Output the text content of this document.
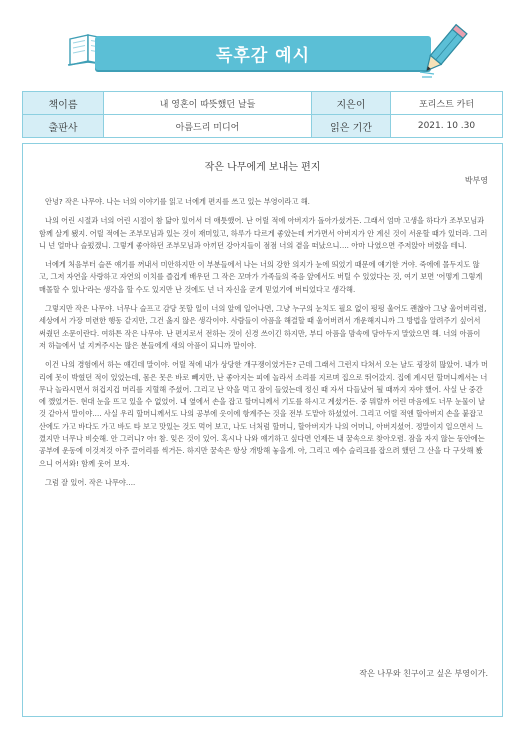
독후감 예시
책이름	내 영혼이 따뜻했던 날들	지은이	포리스트 카터
출판사	아름드리 미디어	읽은 기간	2021. 10 .30
작은 나무에게 보내는 편지
박부영

안녕? 작은 나무야. 나는 너의 이야기를 읽고 너에게 편지를 쓰고 있는 부영이라고 해.

나의 어린 시절과 너의 어린 시절이 참 닮아 있어서 더 애틋했어. 난 어릴 적에 아버지가 돌아가셨거든. 그래서 엄마 고생을 하다가 조부모님과 함께 살게 됐지. 어릴 적에는 조부모님과 있는 것이 재미있고, 하루가 다르게 좋았는데 커가면서 아버지가 안 계신 것이 서운할 때가 있더라. 그러니 넌 얼마나 슬펐겠니. 그렇게 좋아하던 조부모님과 아끼던 강아지들이 점점 너의 곁을 떠났으니…. 아마 나였으면 주저앉아 버렸을 테니.

너에게 처음부터 슬픈 얘기를 꺼내서 미안하지만 이 부분들에서 나는 너의 강한 의지가 눈에 띄었기 때문에 얘기한 거야. 죽에에 몰두지도 않고, 그저 자연을 사랑하고 자연의 이치를 즐겁게 배우던 그 작은 꼬마가 가족들의 죽음 앞에서도 버틸 수 있었다는 것, 여기 보면 '어떻게 그렇게 매몰할 수 있나'라는 생각을 할 수도 있지만 난 것에도 넌 너 자신을 굳게 믿었기에 버티었다고 생각해.

그렇지만 작은 나무야. 너무나 슬프고 감당 못할 일이 너의 앞에 일어나면, 그냥 누구의 눈치도 필요 없이 펑펑 울어도 괜찮아 그냥 울어버리렴, 세상에서 가장 미련한 행동 같지만, 그건 옳지 않은 생각이야. 사람들이 아픔을 해결할 때 울어버려서 개운해지니까 그 방법을 알려주기 싶어서 써줬던 소문이란다. 여하튼 작은 나무야. 난 편지로서 전하는 것이 신경 쓰이긴 하지만, 부디 아픔을 맘속에 담아두지 말았으면 해. 너의 아픔이 저 하늘에서 널 지켜주시는 많은 분들에게 새의 아픔이 되니까 말이야.

이건 나의 경험에서 하는 얘긴데 말이야. 어릴 적에 내가 상당한 개구쟁이였거든? 근데 그래서 그런지 다쳐서 오는 날도 굉장히 많았어. 내가 머리에 못이 박혔던 적이 있었는데, 몸은 못은 바로 빼지만, 난 좋아지는 피에 놀라서 소리를 지르며 집으로 뛰어갔지. 집에 계시던 할머니께서는 너무나 놀라시면서 허겁지겁 머리를 지혈해 주셨어. 그리고 난 약을 먹고 잠이 들었는데 정신 때 자서 다들났어 될 때까지 자야 했어. 사실 난 중간에 깼었거든. 현대 눈을 뜨고 있을 수 없었어. 내 옆에서 손을 잡고 할머니께서 기도를 하시고 계셨거든. 중 뭐랄까 어린 마음에도 너무 눈물이 날 것 같아서 말이야…. 사실 우리 할머니께서도 나의 공부에 옷이에 항계주는 것을 전부 도맡아 하셨었어. 그리고 어릴 적엔 할아버지 손을 붙잡고 산에도 가고 바다도 가고 바도 타 보고 맛있는 것도 먹어 보고, 나도 너처럼 할머니, 할아버지가 나의 어머니, 아버지셨어. 정말이지 일으면서 느꼈지만 너무나 비슷해. 안 그러니? 아! 참. 잊은 것이 있어. 혹시나 나와 얘기하고 싶다면 언제든 내 꿈속으로 찾아오렴. 잠을 자지 않는 동안에는 공부에 운동에 이것저것 아주 끌어리를 씩거든. 하지만 꿈속은 항상 개방해 놓을게. 아, 그리고 예수 슬리크를 잡으려 했던 그 산을 다 구삿해 봤으니 어서와! 함께 웃어 보자.

그럼 잘 있어. 작은 나무야….

작은 나무와 친구이고 싶은 부영이가.
